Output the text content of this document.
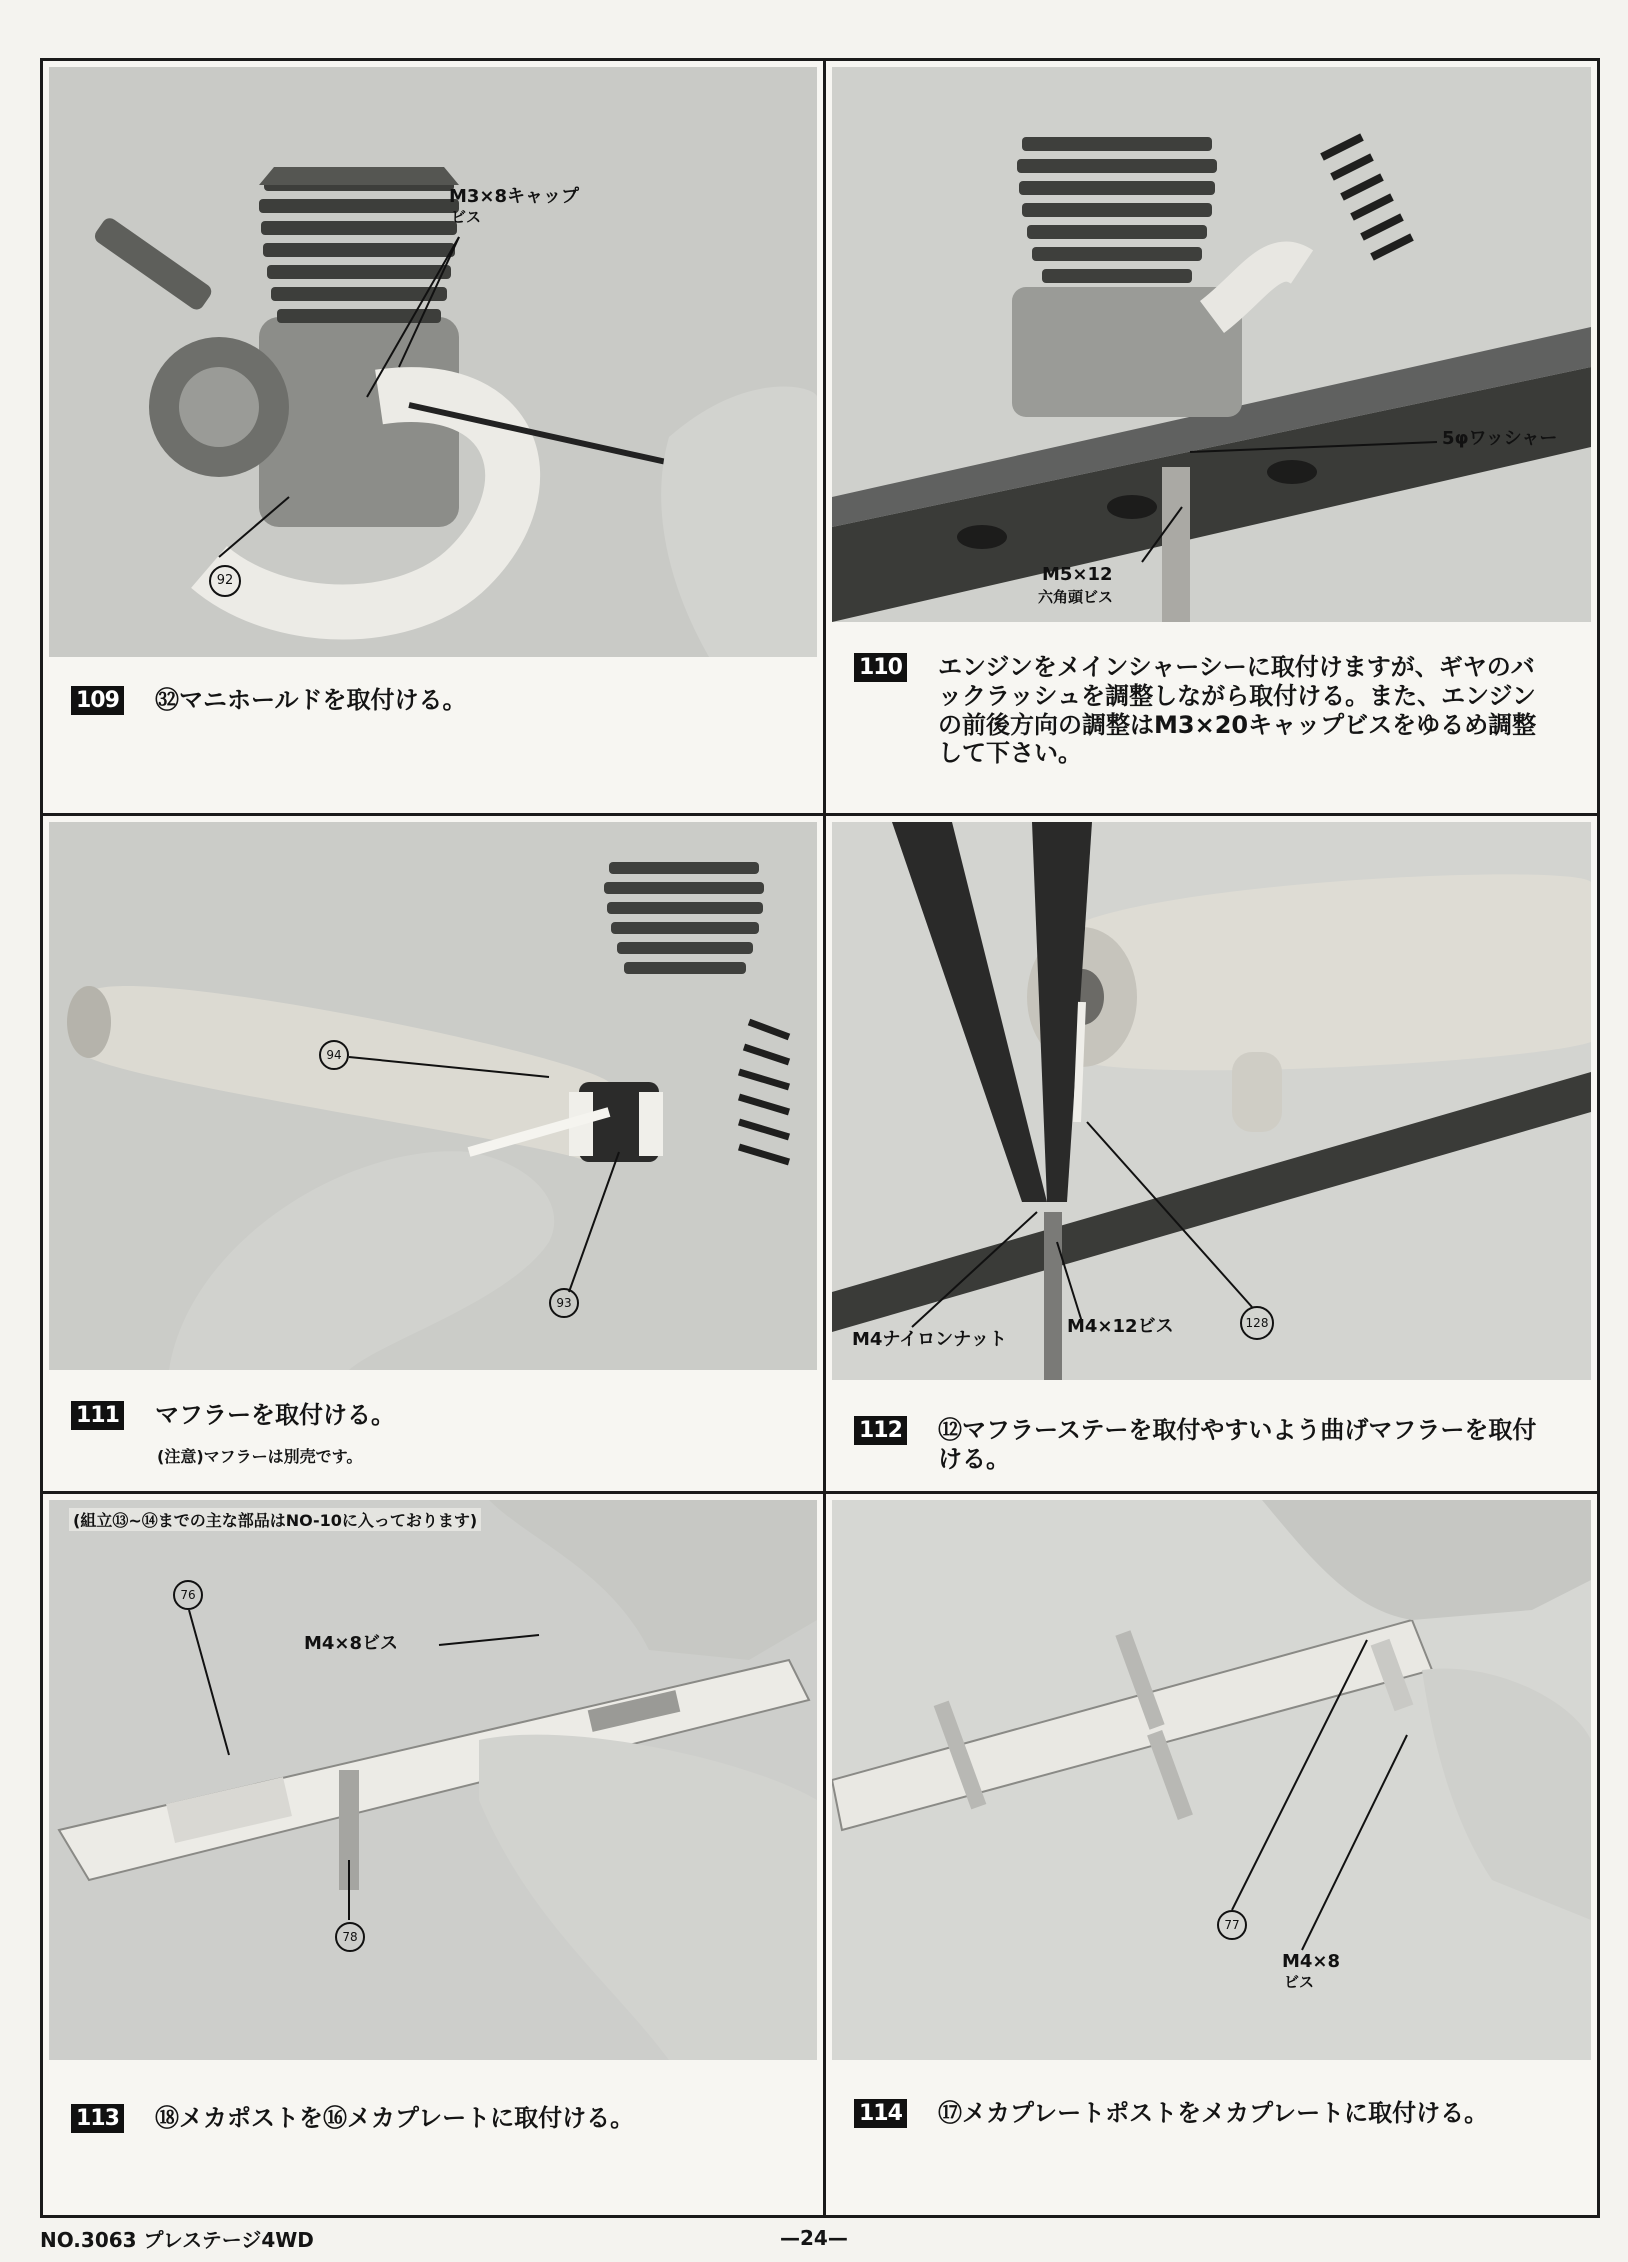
M3×8キャップ
ビス
92
109 ㉜マニホールドを取付ける。
5φワッシャー
M5×12
六角頭ビス
110 エンジンをメインシャーシーに取付けますが、ギヤのバックラッシュを調整しながら取付ける。また、エンジンの前後方向の調整はM3×20キャップビスをゆるめ調整して下さい。
94
93
111 マフラーを取付ける。
(注意)マフラーは別売です。
M4ナイロンナット
M4×12ビス	128
112 ⑫マフラーステーを取付やすいよう曲げマフラーを取付ける。
(組立⑬~⑭までの主な部品はNO-10に入っております)
76
M4×8ビス
78
113 ⑱メカポストを⑯メカプレートに取付ける。
77
M4×8
ビス
114 ⑰メカプレートポストをメカプレートに取付ける。
NO.3063 プレステージ4WD	—24—
